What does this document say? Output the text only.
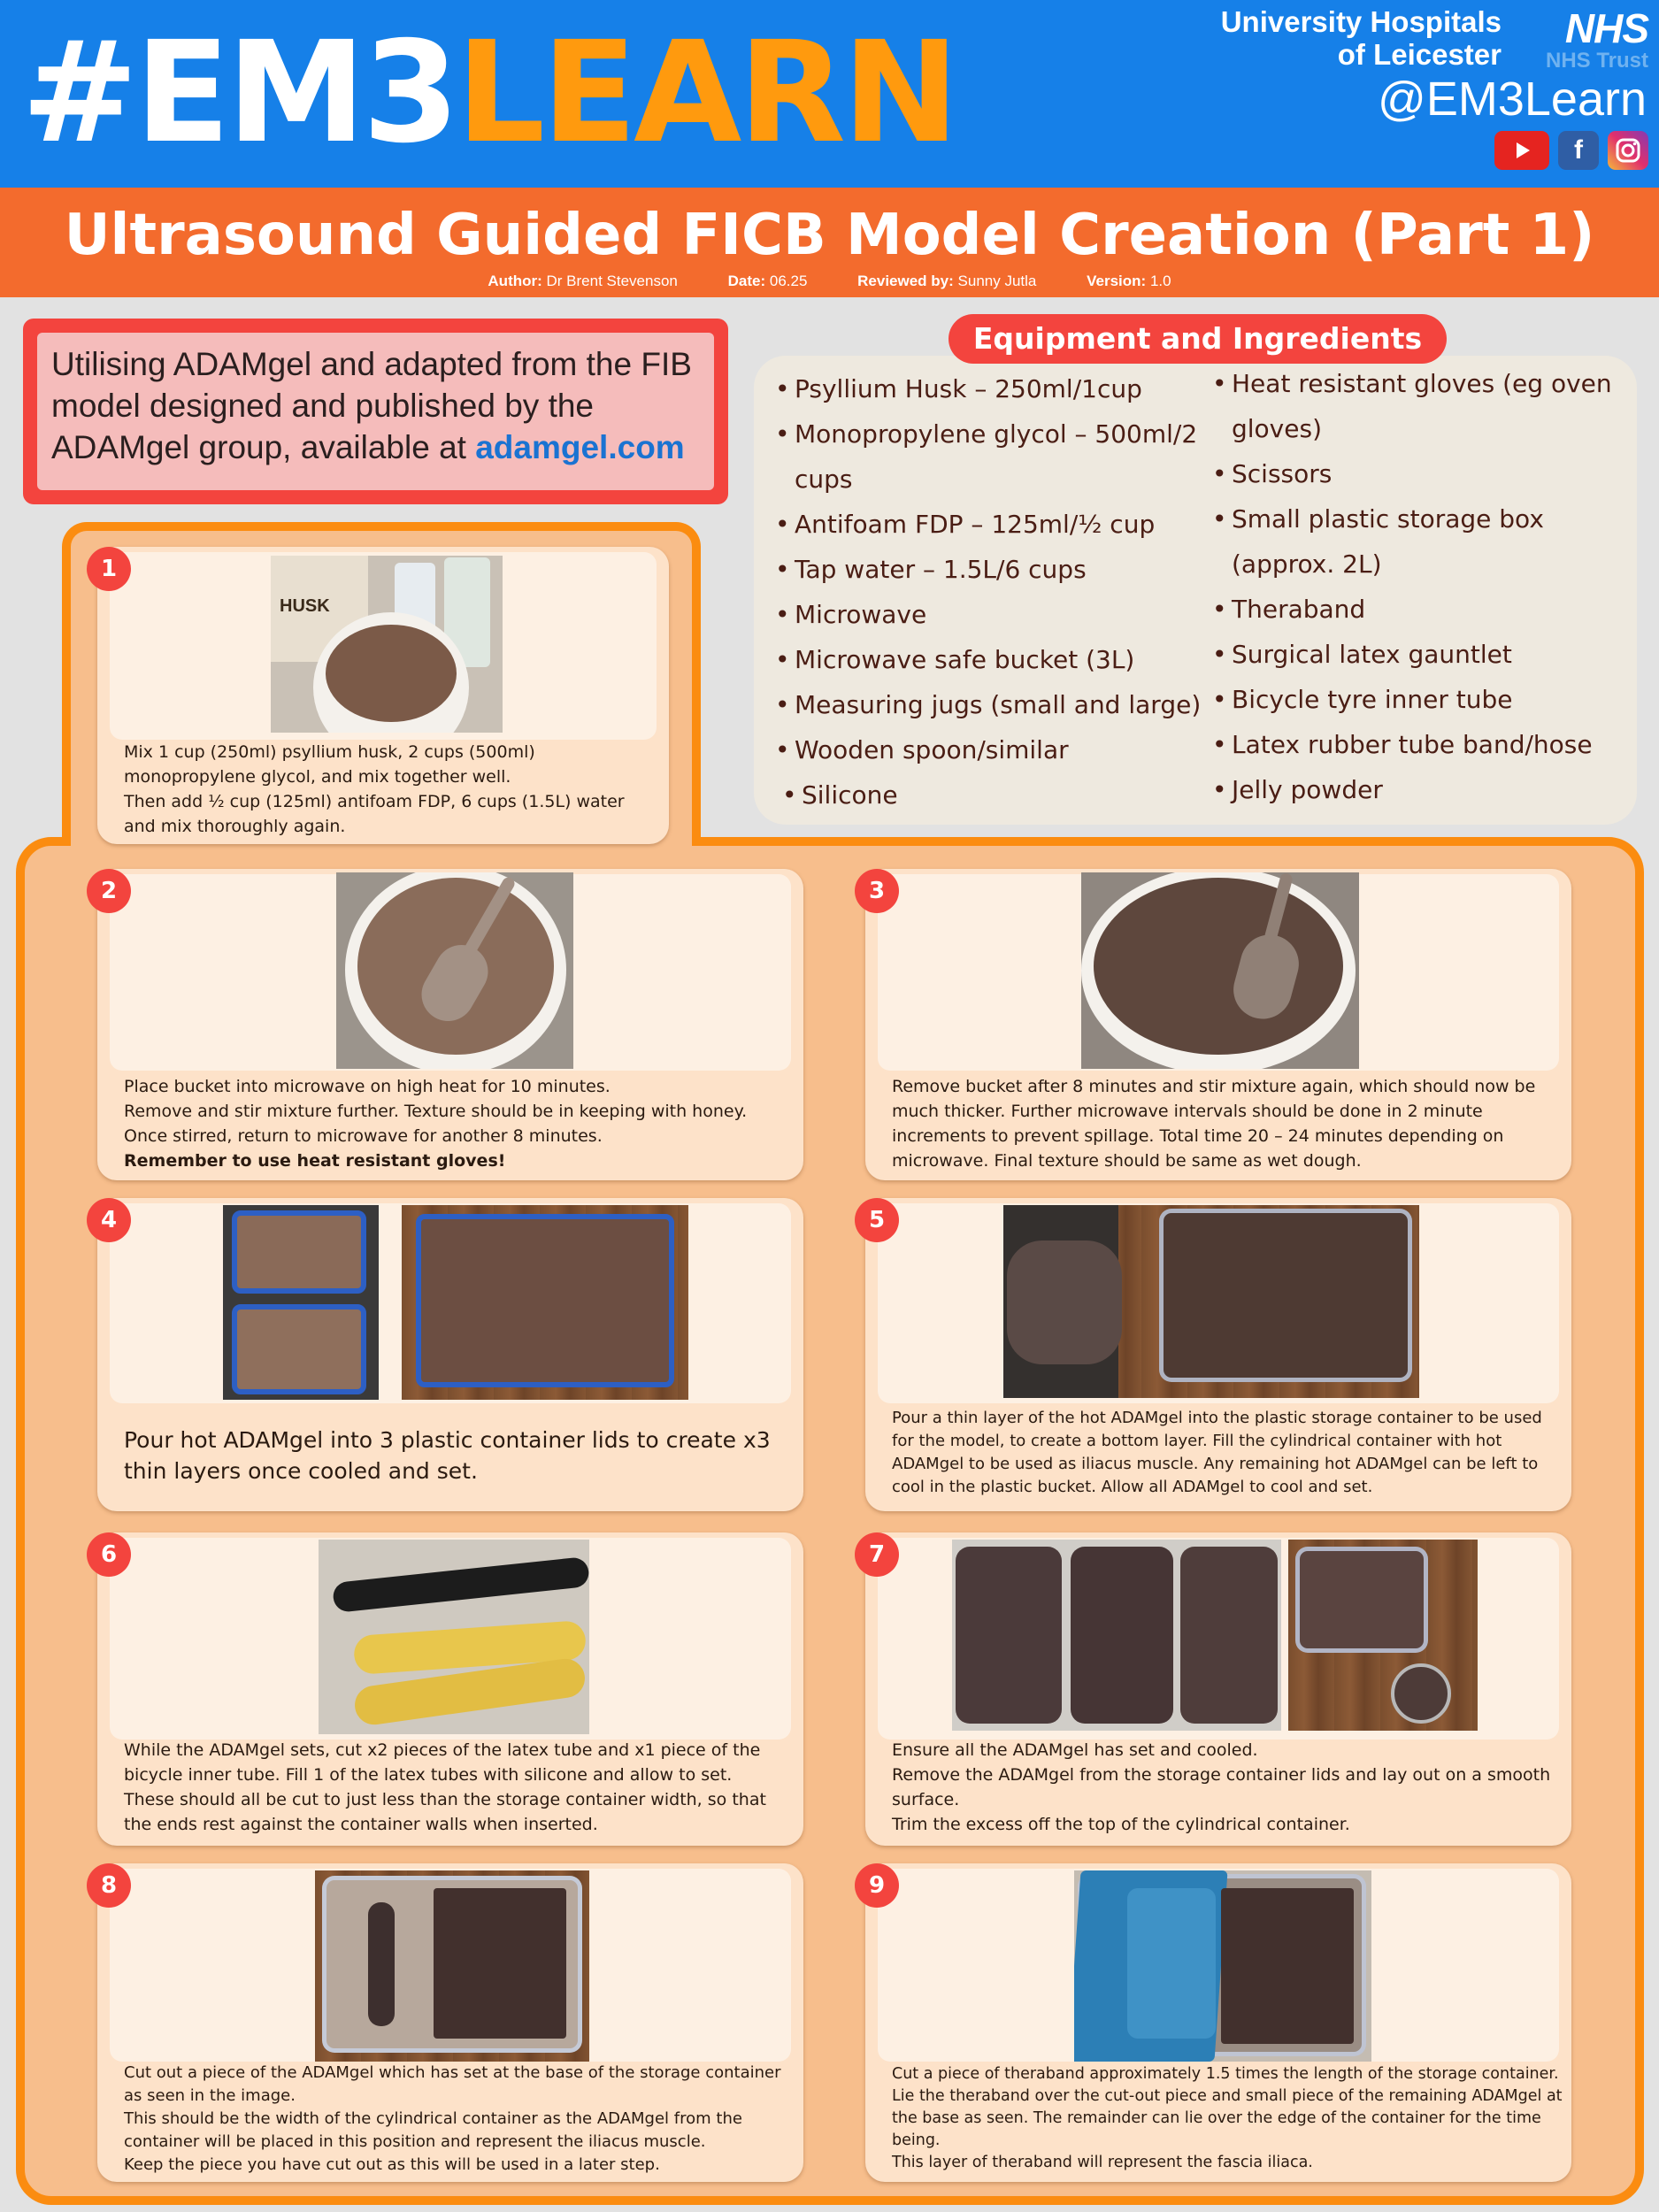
#EM3LEARN	University Hospitals
of Leicester
NHS
NHS Trust
@EM3Learn
f
Ultrasound Guided FICB Model Creation (Part 1)
Author: Dr Brent Stevenson	Date: 06.25	Reviewed by: Sunny Jutla	Version: 1.0
Utilising ADAMgel and adapted from the FIB model designed and published by the ADAMgel group, available at adamgel.com
• Psyllium Husk – 250ml/1cup
• Monopropylene glycol – 500ml/2 cups
• Antifoam FDP – 125ml/½ cup
• Tap water – 1.5L/6 cups
• Microwave
• Microwave safe bucket (3L)
• Measuring jugs (small and large)
• Wooden spoon/similar
• Silicone
• Heat resistant gloves (eg oven gloves)
• Scissors
• Small plastic storage box (approx. 2L)
• Theraband
• Surgical latex gauntlet
• Bicycle tyre inner tube
• Latex rubber tube band/hose
• Jelly powder
Equipment and Ingredients
HUSK
1

Mix 1 cup (250ml) psyllium husk, 2 cups (500ml) monopropylene glycol, and mix together well.

Then add ½ cup (125ml) antifoam FDP, 6 cups (1.5L) water and mix thoroughly again.

2

Place bucket into microwave on high heat for 10 minutes.

Remove and stir mixture further. Texture should be in keeping with honey.

Once stirred, return to microwave for another 8 minutes.

Remember to use heat resistant gloves!

3

Remove bucket after 8 minutes and stir mixture again, which should now be much thicker. Further microwave intervals should be done in 2 minute increments to prevent spillage. Total time 20 – 24 minutes depending on microwave. Final texture should be same as wet dough.

4

Pour hot ADAMgel into 3 plastic container lids to create x3 thin layers once cooled and set.

5

Pour a thin layer of the hot ADAMgel into the plastic storage container to be used for the model, to create a bottom layer. Fill the cylindrical container with hot ADAMgel to be used as iliacus muscle. Any remaining hot ADAMgel can be left to cool in the plastic bucket. Allow all ADAMgel to cool and set.

6

While the ADAMgel sets, cut x2 pieces of the latex tube and x1 piece of the bicycle inner tube. Fill 1 of the latex tubes with silicone and allow to set.

These should all be cut to just less than the storage container width, so that the ends rest against the container walls when inserted.

7

Ensure all the ADAMgel has set and cooled.

Remove the ADAMgel from the storage container lids and lay out on a smooth surface.

Trim the excess off the top of the cylindrical container.

8

Cut out a piece of the ADAMgel which has set at the base of the storage container as seen in the image.

This should be the width of the cylindrical container as the ADAMgel from the container will be placed in this position and represent the iliacus muscle.

Keep the piece you have cut out as this will be used in a later step.

9

Cut a piece of theraband approximately 1.5 times the length of the storage container.

Lie the theraband over the cut-out piece and small piece of the remaining ADAMgel at the base as seen. The remainder can lie over the edge of the container for the time being.

This layer of theraband will represent the fascia iliaca.
